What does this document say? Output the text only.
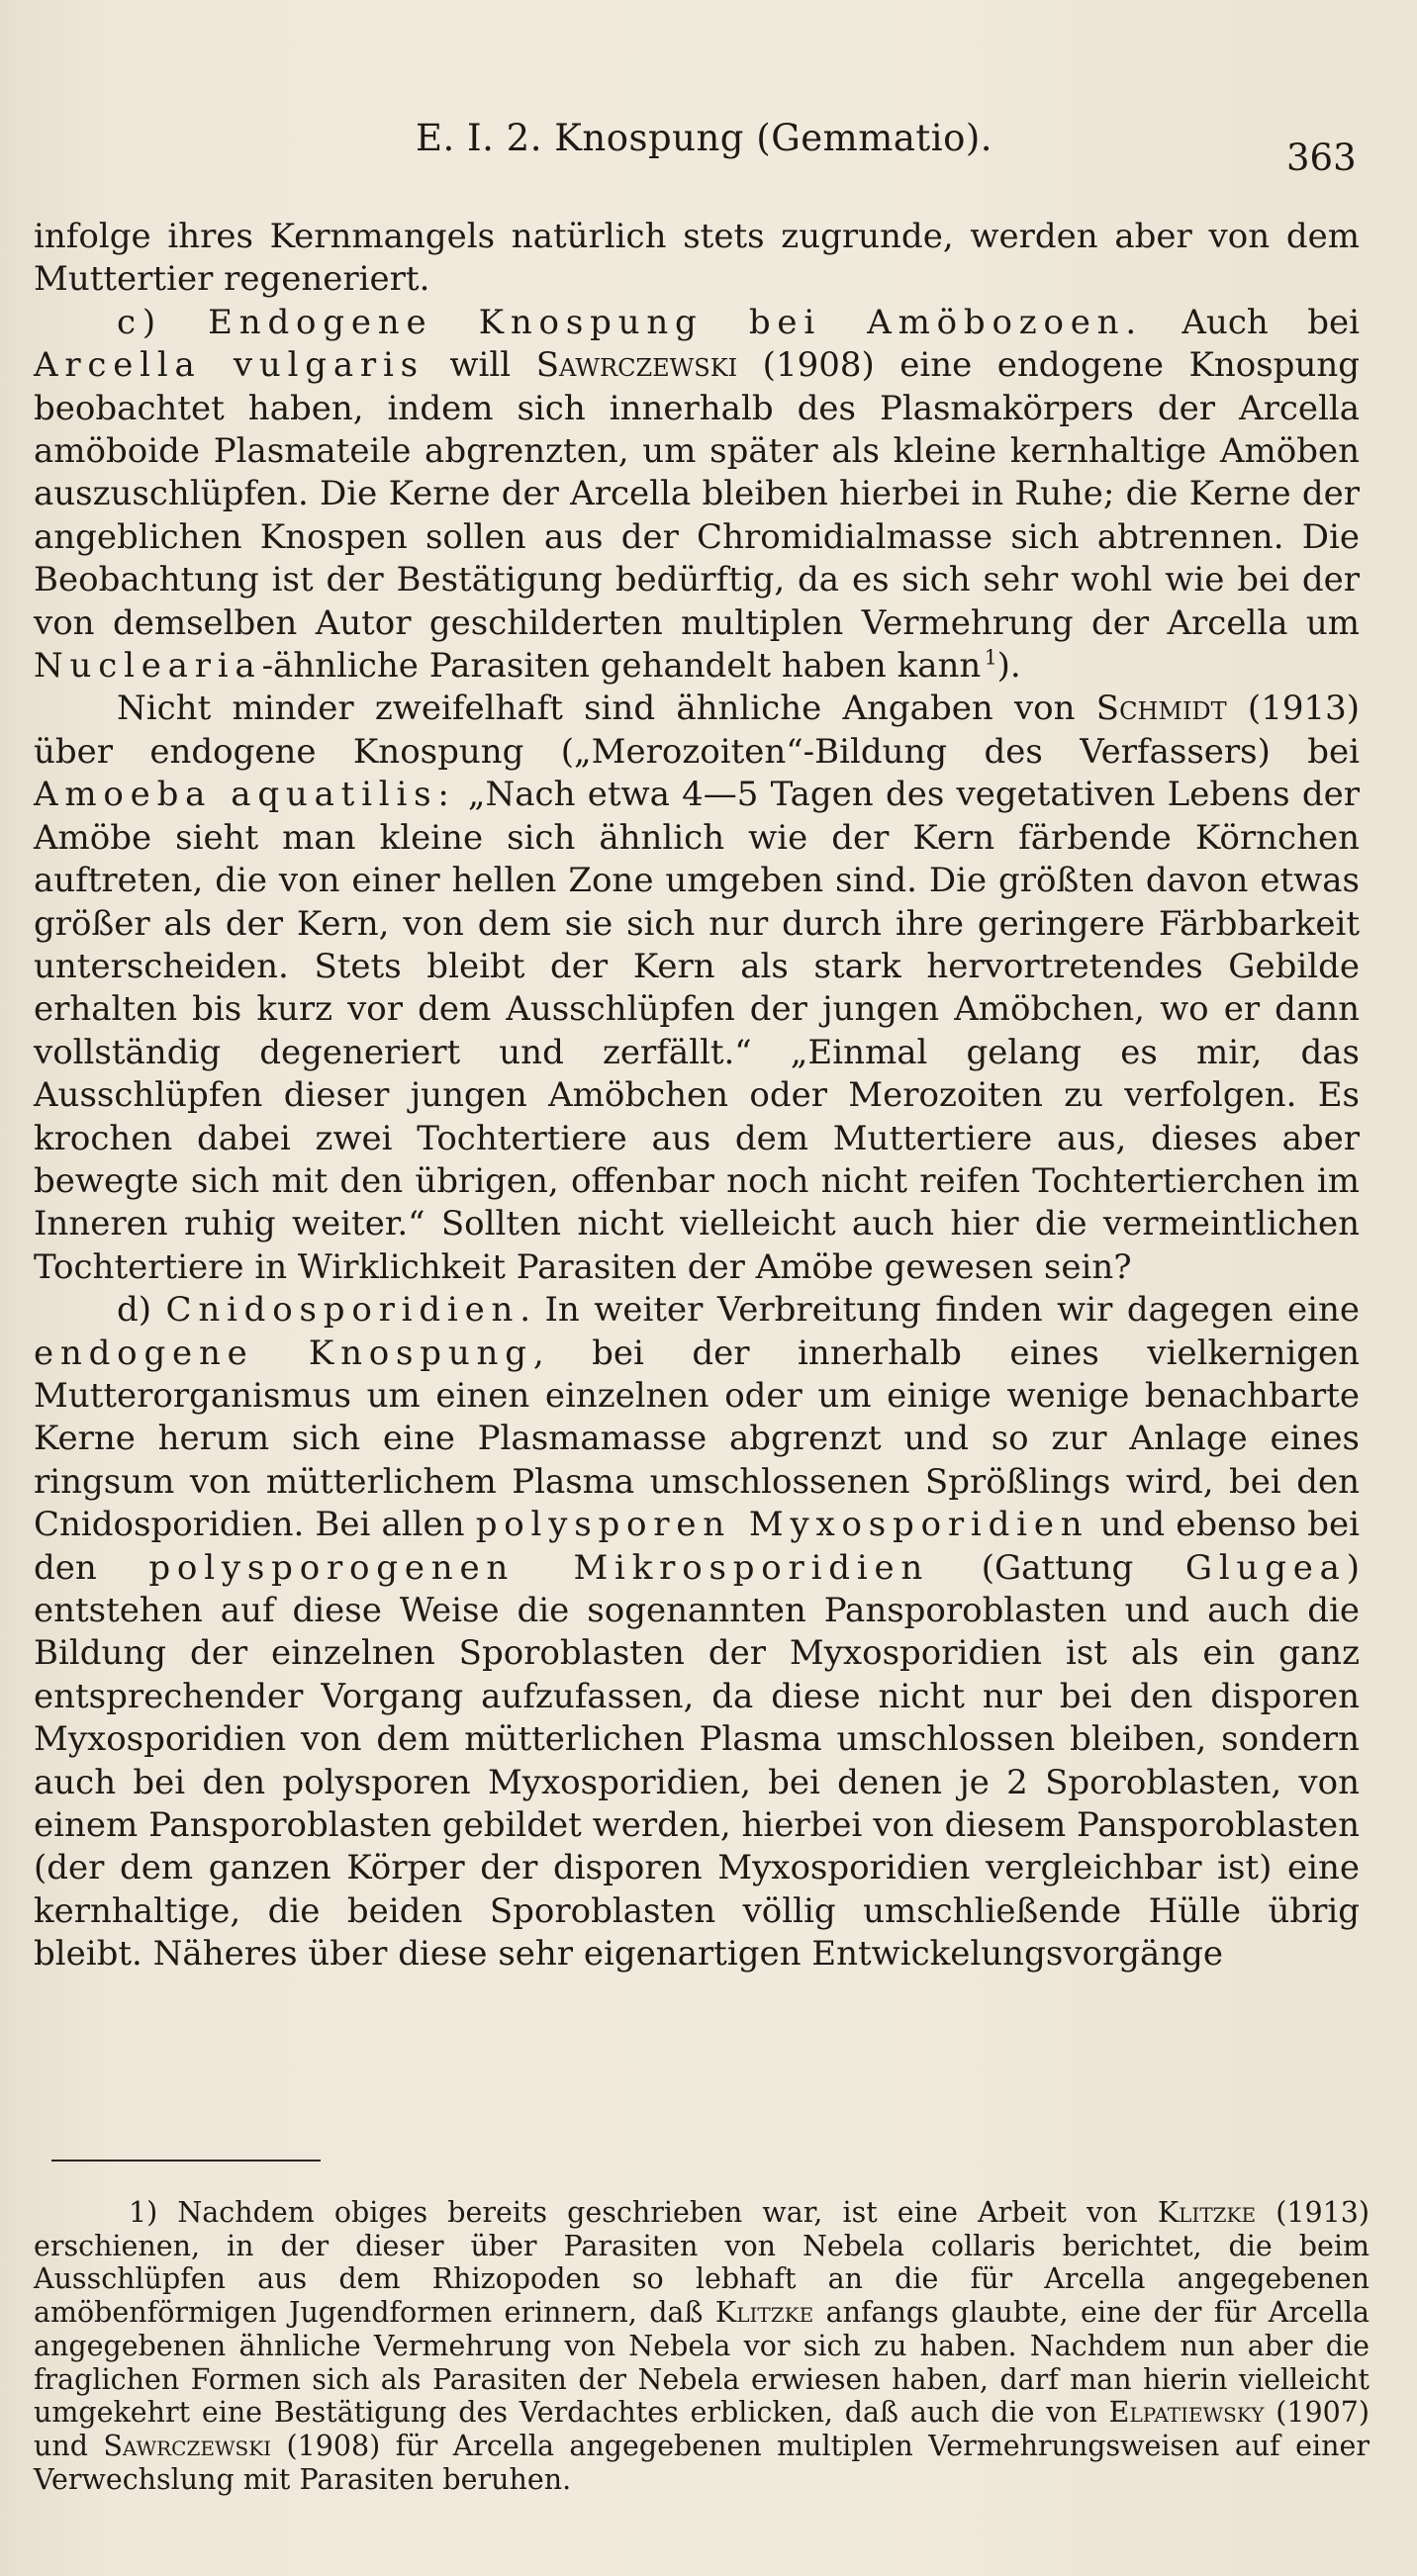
E. I. 2. Knospung (Gemmatio).	363

infolge ihres Kernmangels natürlich stets zugrunde, werden aber von dem Muttertier regeneriert.

c) Endogene Knospung bei Amöbozoen. Auch bei Arcella vulgaris will Sawrczewski (1908) eine endogene Knospung beobachtet haben, indem sich innerhalb des Plasmakörpers der Arcella amöboide Plasmateile abgrenzten, um später als kleine kernhaltige Amöben auszuschlüpfen. Die Kerne der Arcella bleiben hierbei in Ruhe; die Kerne der angeblichen Knospen sollen aus der Chromidialmasse sich abtrennen. Die Beobachtung ist der Bestätigung bedürftig, da es sich sehr wohl wie bei der von demselben Autor geschilderten multiplen Vermehrung der Arcella um Nuclearia-ähnliche Parasiten gehandelt haben kann  $^1$).

Nicht minder zweifelhaft sind ähnliche Angaben von Schmidt (1913) über endogene Knospung („Merozoiten“-Bildung des Verfassers) bei Amoeba aquatilis: „Nach etwa 4—5 Tagen des vegetativen Lebens der Amöbe sieht man kleine sich ähnlich wie der Kern färbende Körnchen auftreten, die von einer hellen Zone umgeben sind. Die größten davon etwas größer als der Kern, von dem sie sich nur durch ihre geringere Färbbarkeit unterscheiden. Stets bleibt der Kern als stark hervortretendes Gebilde erhalten bis kurz vor dem Ausschlüpfen der jungen Amöbchen, wo er dann vollständig degeneriert und zerfällt.“ „Einmal gelang es mir, das Ausschlüpfen dieser jungen Amöbchen oder Merozoiten zu verfolgen. Es krochen dabei zwei Tochtertiere aus dem Muttertiere aus, dieses aber bewegte sich mit den übrigen, offenbar noch nicht reifen Tochtertierchen im Inneren ruhig weiter.“ Sollten nicht vielleicht auch hier die vermeintlichen Tochtertiere in Wirklichkeit Parasiten der Amöbe gewesen sein?

d) Cnidosporidien. In weiter Verbreitung finden wir dagegen eine endogene Knospung, bei der innerhalb eines vielkernigen Mutterorganismus um einen einzelnen oder um einige wenige benachbarte Kerne herum sich eine Plasmamasse abgrenzt und so zur Anlage eines ringsum von mütterlichem Plasma umschlossenen Sprößlings wird, bei den Cnidosporidien. Bei allen polysporen Myxosporidien und ebenso bei den polysporogenen Mikrosporidien (Gattung Glugea) entstehen auf diese Weise die sogenannten Pansporoblasten und auch die Bildung der einzelnen Sporoblasten der Myxosporidien ist als ein ganz entsprechender Vorgang aufzufassen, da diese nicht nur bei den disporen Myxosporidien von dem mütterlichen Plasma umschlossen bleiben, sondern auch bei den polysporen Myxosporidien, bei denen je 2 Sporoblasten, von einem Pansporoblasten gebildet werden, hierbei von diesem Pansporoblasten (der dem ganzen Körper der disporen Myxosporidien vergleichbar ist) eine kernhaltige, die beiden Sporoblasten völlig umschließende Hülle übrig bleibt. Näheres über diese sehr eigenartigen Entwickelungsvorgänge

1) Nachdem obiges bereits geschrieben war, ist eine Arbeit von Klitzke (1913) erschienen, in der dieser über Parasiten von Nebela collaris berichtet, die beim Ausschlüpfen aus dem Rhizopoden so lebhaft an die für Arcella angegebenen amöbenförmigen Jugendformen erinnern, daß Klitzke anfangs glaubte, eine der für Arcella angegebenen ähnliche Vermehrung von Nebela vor sich zu haben. Nachdem nun aber die fraglichen Formen sich als Parasiten der Nebela erwiesen haben, darf man hierin vielleicht umgekehrt eine Bestätigung des Verdachtes erblicken, daß auch die von Elpatiewsky (1907) und Sawrczewski (1908) für Arcella angegebenen multiplen Vermehrungsweisen auf einer Verwechslung mit Parasiten beruhen.
